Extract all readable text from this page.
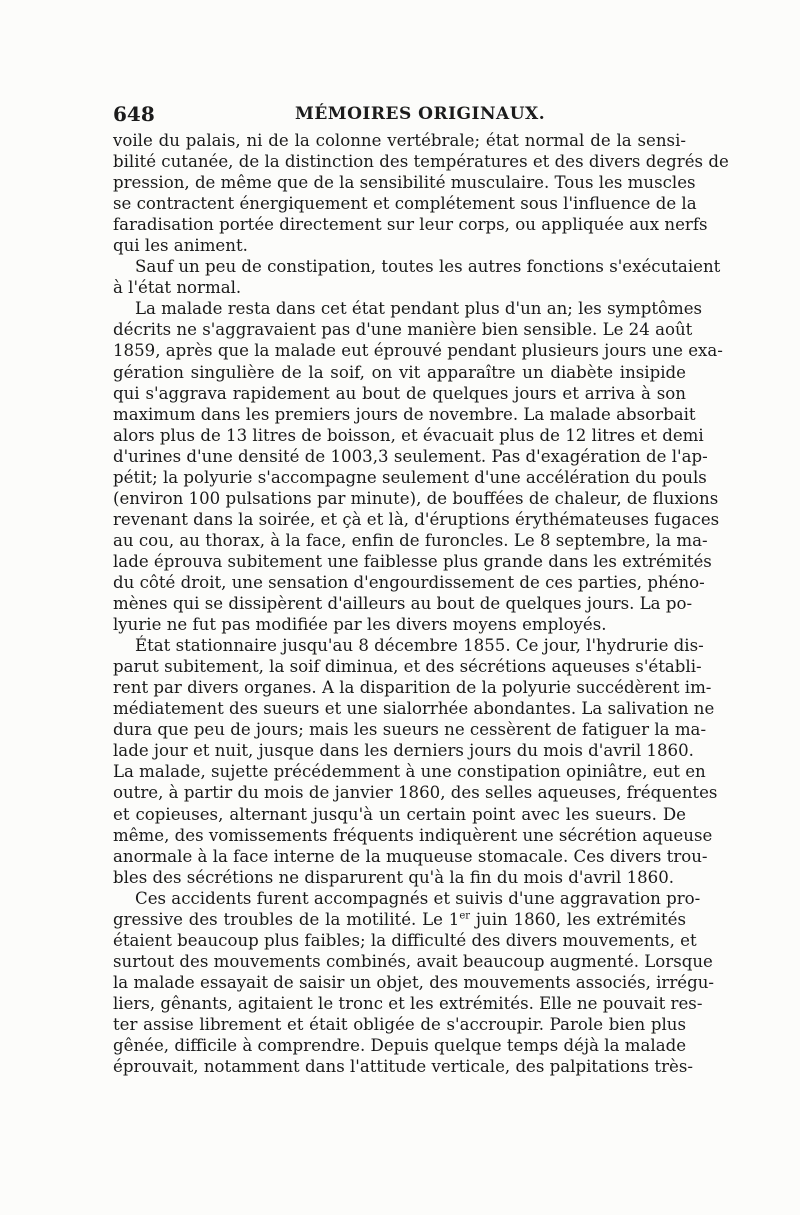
648	MÉMOIRES ORIGINAUX.
voile du palais, ni de la colonne vertébrale; état normal de la sensi-
bilité cutanée, de la distinction des températures et des divers degrés de
pression, de même que de la sensibilité musculaire. Tous les muscles
se contractent énergiquement et complétement sous l'influence de la
faradisation portée directement sur leur corps, ou appliquée aux nerfs
qui les animent.
Sauf un peu de constipation, toutes les autres fonctions s'exécutaient
à l'état normal.
La malade resta dans cet état pendant plus d'un an; les symptômes
décrits ne s'aggravaient pas d'une manière bien sensible. Le 24 août
1859, après que la malade eut éprouvé pendant plusieurs jours une exa-
gération singulière de la soif, on vit apparaître un diabète insipide
qui s'aggrava rapidement au bout de quelques jours et arriva à son
maximum dans les premiers jours de novembre. La malade absorbait
alors plus de 13 litres de boisson, et évacuait plus de 12 litres et demi
d'urines d'une densité de 1003,3 seulement. Pas d'exagération de l'ap-
pétit; la polyurie s'accompagne seulement d'une accélération du pouls
(environ 100 pulsations par minute), de bouffées de chaleur, de fluxions
revenant dans la soirée, et çà et là, d'éruptions érythémateuses fugaces
au cou, au thorax, à la face, enfin de furoncles. Le 8 septembre, la ma-
lade éprouva subitement une faiblesse plus grande dans les extrémités
du côté droit, une sensation d'engourdissement de ces parties, phéno-
mènes qui se dissipèrent d'ailleurs au bout de quelques jours. La po-
lyurie ne fut pas modifiée par les divers moyens employés.
État stationnaire jusqu'au 8 décembre 1855. Ce jour, l'hydrurie dis-
parut subitement, la soif diminua, et des sécrétions aqueuses s'établi-
rent par divers organes. A la disparition de la polyurie succédèrent im-
médiatement des sueurs et une sialorrhée abondantes. La salivation ne
dura que peu de jours; mais les sueurs ne cessèrent de fatiguer la ma-
lade jour et nuit, jusque dans les derniers jours du mois d'avril 1860.
La malade, sujette précédemment à une constipation opiniâtre, eut en
outre, à partir du mois de janvier 1860, des selles aqueuses, fréquentes
et copieuses, alternant jusqu'à un certain point avec les sueurs. De
même, des vomissements fréquents indiquèrent une sécrétion aqueuse
anormale à la face interne de la muqueuse stomacale. Ces divers trou-
bles des sécrétions ne disparurent qu'à la fin du mois d'avril 1860.
Ces accidents furent accompagnés et suivis d'une aggravation pro-
gressive des troubles de la motilité. Le 1er juin 1860, les extrémités
étaient beaucoup plus faibles; la difficulté des divers mouvements, et
surtout des mouvements combinés, avait beaucoup augmenté. Lorsque
la malade essayait de saisir un objet, des mouvements associés, irrégu-
liers, gênants, agitaient le tronc et les extrémités. Elle ne pouvait res-
ter assise librement et était obligée de s'accroupir. Parole bien plus
gênée, difficile à comprendre. Depuis quelque temps déjà la malade
éprouvait, notamment dans l'attitude verticale, des palpitations très-
